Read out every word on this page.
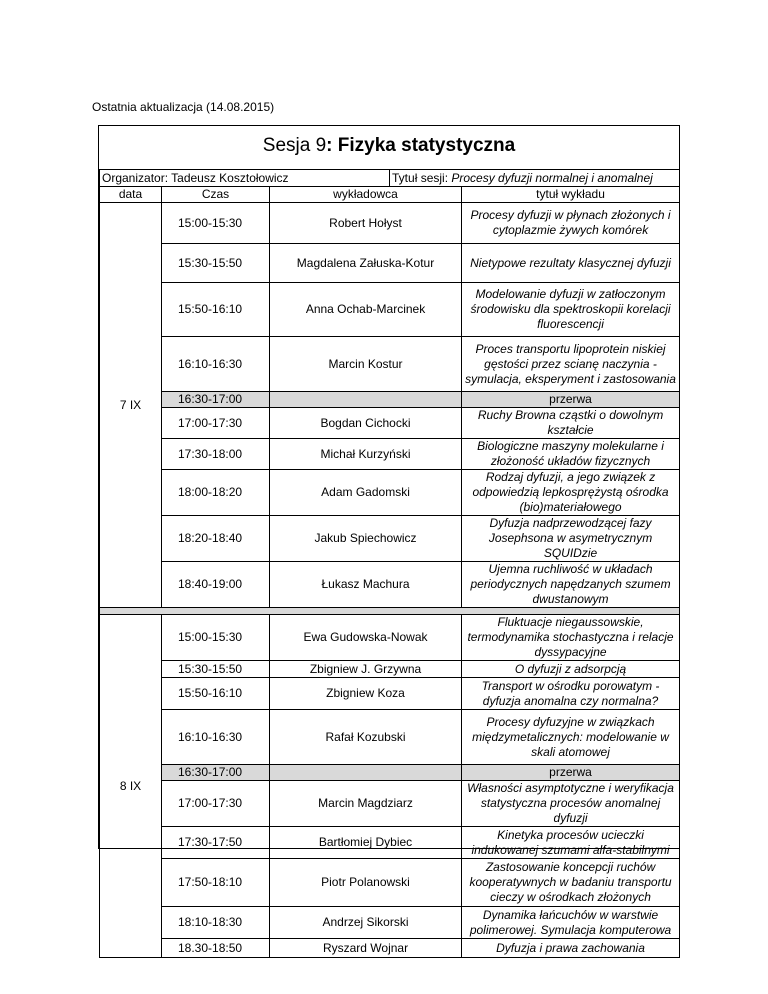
Ostatnia aktualizacja (14.08.2015)
Sesja 9: Fizyka statystyczna
Organizator: Tadeusz Kosztołowicz			Tytuł sesji: Procesy dyfuzji normalnej i anomalnej	
data	Czas	wykładowca		tytuł wykładu
7 IX	15:00-15:30	Robert Hołyst		Procesy dyfuzji w płynach złożonych i cytoplazmie żywych komórek
	15:30-15:50	Magdalena Załuska-Kotur		Nietypowe rezultaty klasycznej dyfuzji
	15:50-16:10	Anna Ochab-Marcinek		Modelowanie dyfuzji w zatłoczonym środowisku dla spektroskopii korelacji fluorescencji
	16:10-16:30	Marcin Kostur		Proces transportu lipoprotein niskiej gęstości przez scianę naczynia - symulacja, eksperyment i zastosowania
	16:30-17:00			przerwa
	17:00-17:30	Bogdan Cichocki		Ruchy Browna cząstki o dowolnym kształcie
	17:30-18:00	Michał Kurzyński		Biologiczne maszyny molekularne i złożoność układów fizycznych
	18:00-18:20	Adam Gadomski		Rodzaj dyfuzji, a jego związek z odpowiedzią lepkosprężystą ośrodka (bio)materiałowego
	18:20-18:40	Jakub Spiechowicz		Dyfuzja nadprzewodzącej fazy Josephsona w asymetrycznym SQUIDzie
	18:40-19:00	Łukasz Machura		Ujemna ruchliwość w układach periodycznych napędzanych szumem dwustanowym

8 IX	15:00-15:30	Ewa Gudowska-Nowak		Fluktuacje niegaussowskie, termodynamika stochastyczna i relacje dyssypacyjne
	15:30-15:50	Zbigniew J. Grzywna		O dyfuzji z adsorpcją
	15:50-16:10	Zbigniew Koza		Transport w ośrodku porowatym - dyfuzja anomalna czy normalna?
	16:10-16:30	Rafał Kozubski		Procesy dyfuzyjne w związkach międzymetalicznych: modelowanie w skali atomowej
	16:30-17:00			przerwa
	17:00-17:30	Marcin Magdziarz		Własności asymptotyczne i weryfikacja statystyczna procesów anomalnej dyfuzji
	17:30-17:50	Bartłomiej Dybiec		Kinetyka procesów ucieczki indukowanej szumami alfa-stabilnymi
	17:50-18:10	Piotr Polanowski		Zastosowanie koncepcji ruchów kooperatywnych w badaniu transportu cieczy w ośrodkach złożonych
	18:10-18:30	Andrzej Sikorski		Dynamika łańcuchów w warstwie polimerowej. Symulacja komputerowa
	18.30-18:50	Ryszard Wojnar		Dyfuzja i prawa zachowania
